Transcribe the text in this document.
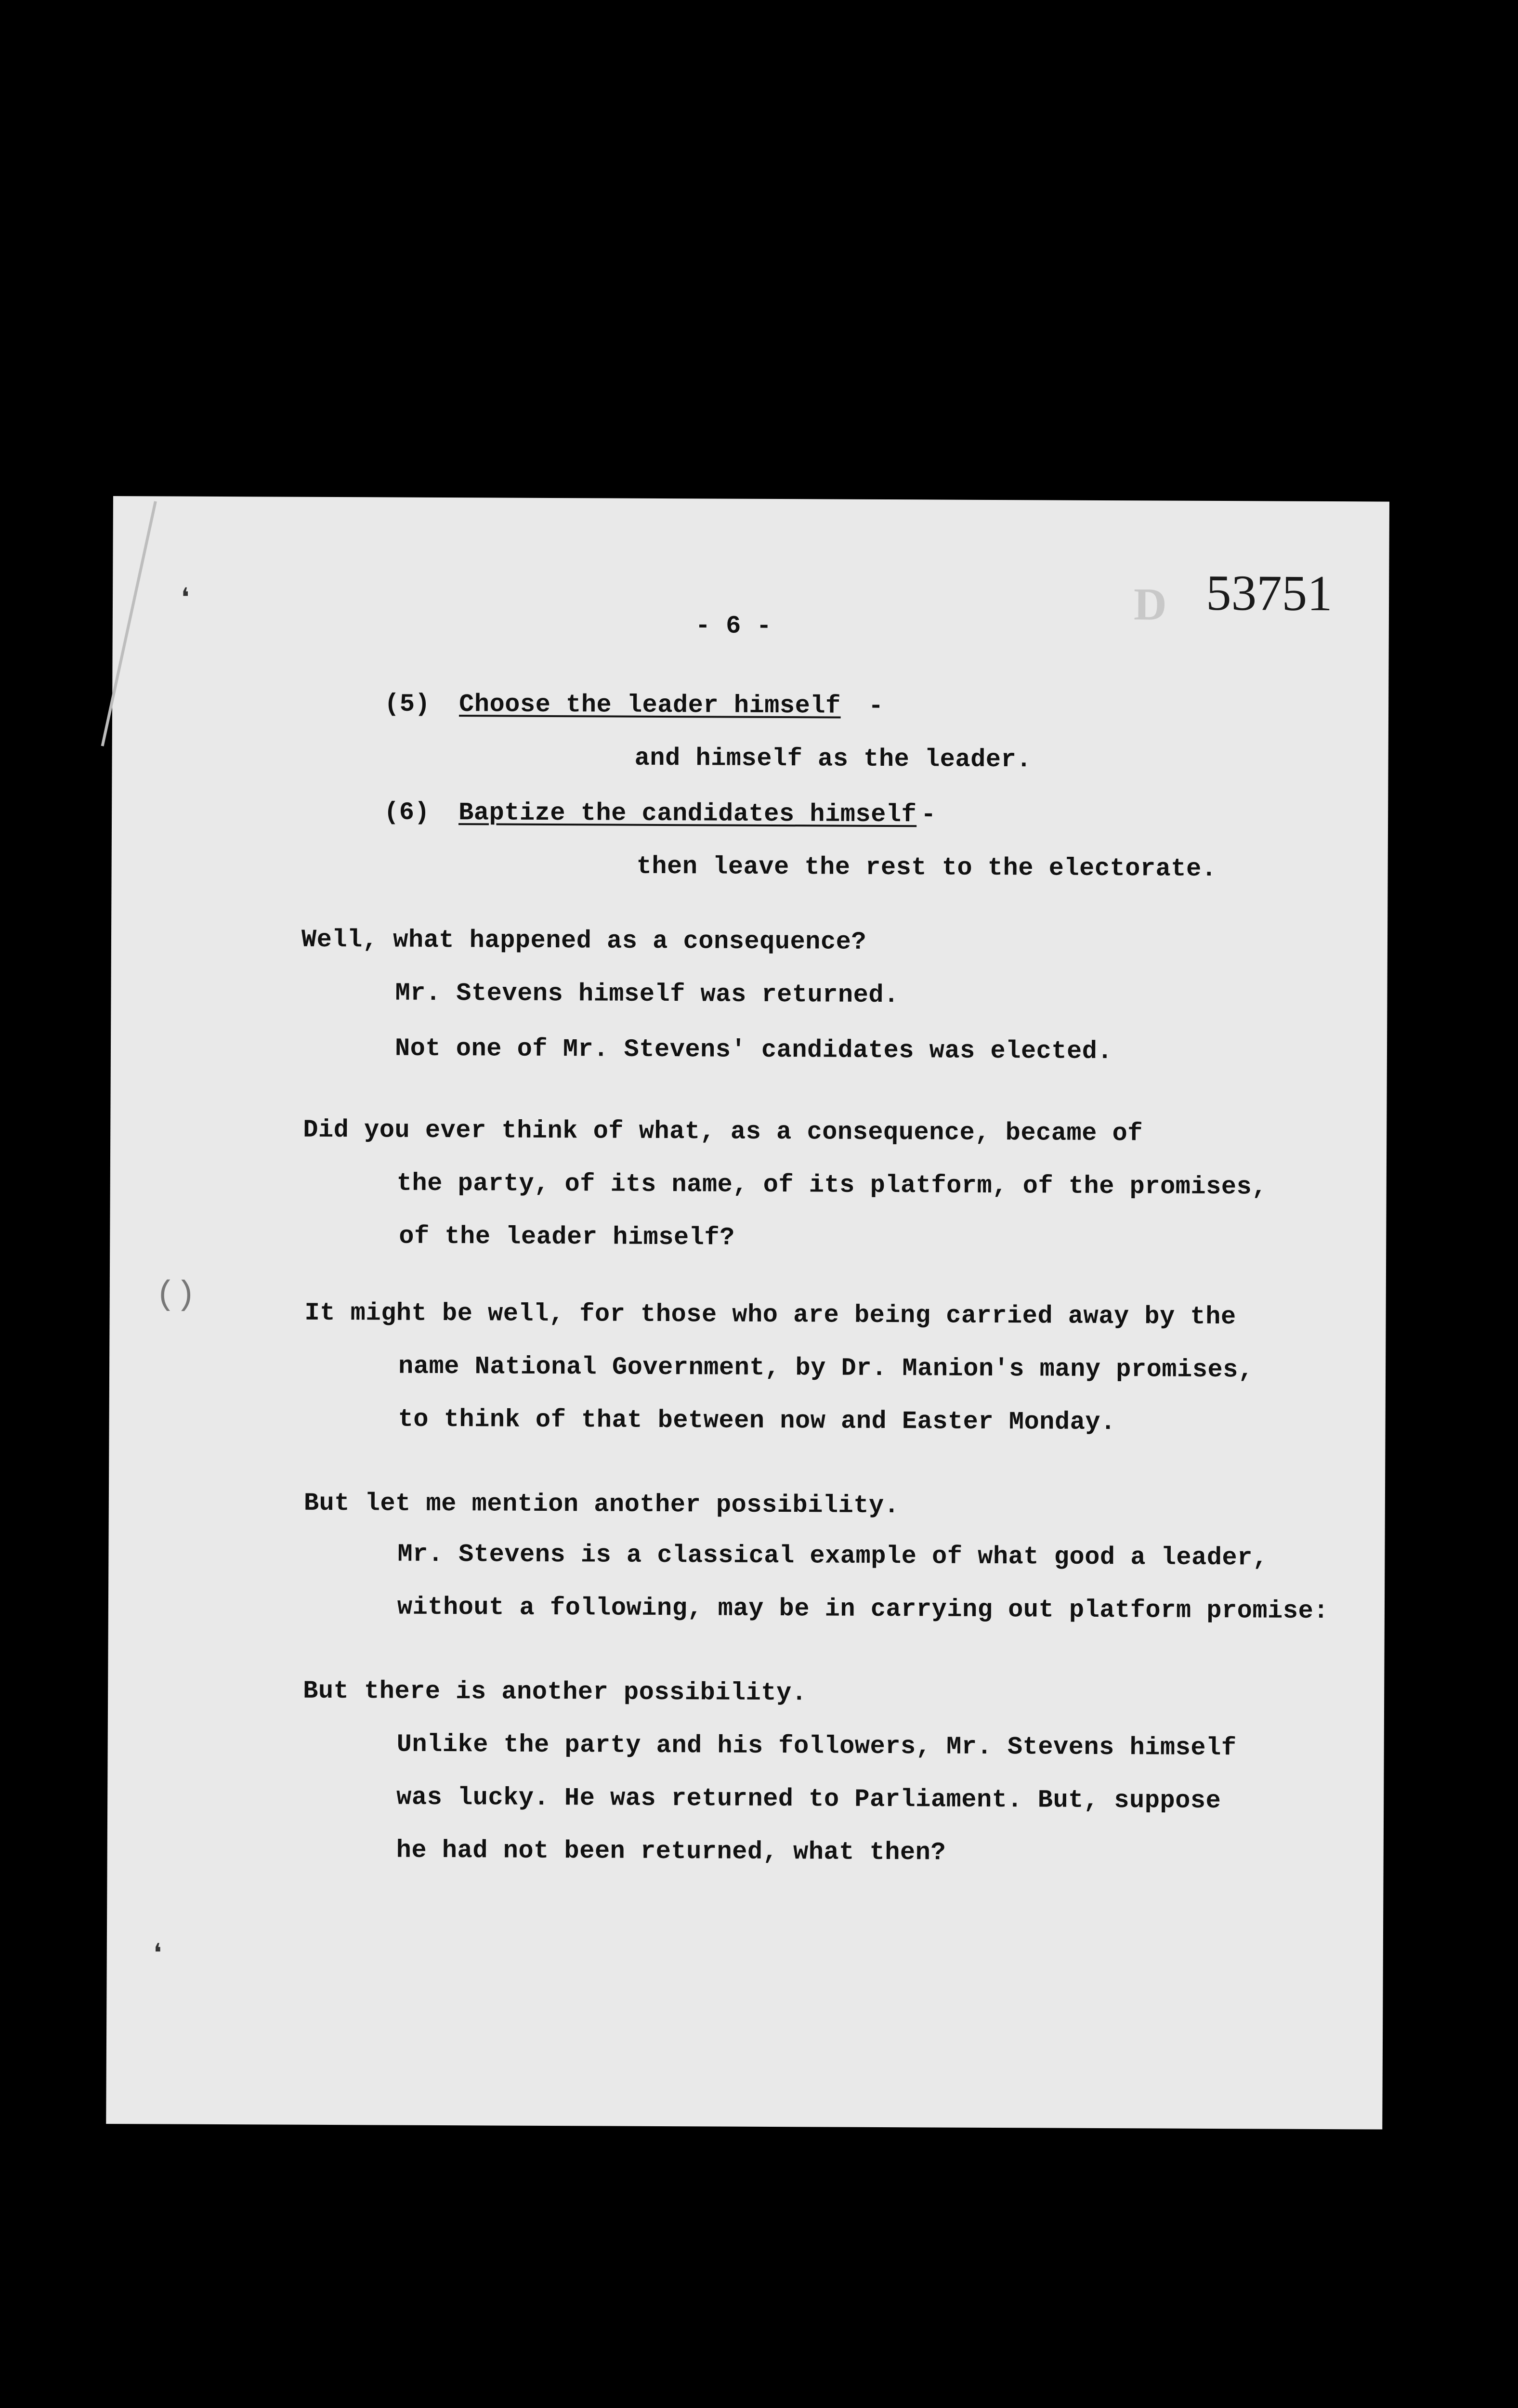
❛
()
❛
- 6 -	D 53751
(5) Choose the leader himself -
and himself as the leader.
(6) Baptize the candidates himself -
then leave the rest to the electorate.
Well, what happened as a consequence?
Mr. Stevens himself was returned.
Not one of Mr. Stevens' candidates was elected.
Did you ever think of what, as a consequence, became of
the party, of its name, of its platform, of the promises,
of the leader himself?
It might be well, for those who are being carried away by the
name National Government, by Dr. Manion's many promises,
to think of that between now and Easter Monday.
But let me mention another possibility.
Mr. Stevens is a classical example of what good a leader,
without a following, may be in carrying out platform promise:
But there is another possibility.
Unlike the party and his followers, Mr. Stevens himself
was lucky. He was returned to Parliament. But, suppose
he had not been returned, what then?
